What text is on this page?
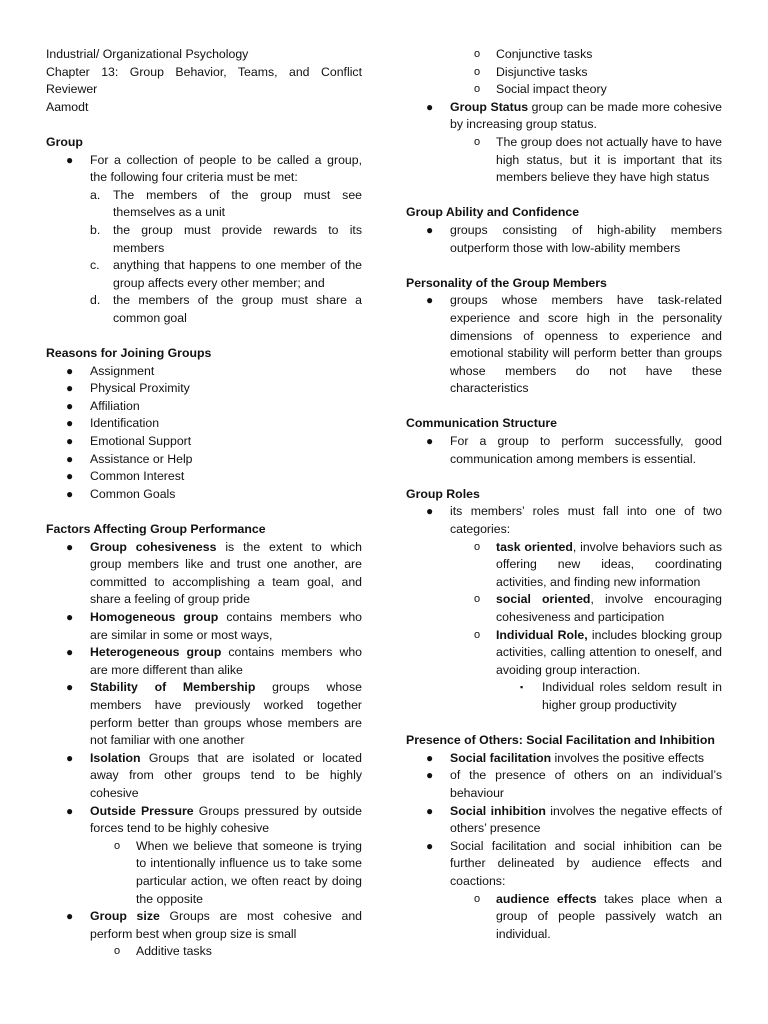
Industrial/ Organizational Psychology
Chapter 13: Group Behavior, Teams, and Conflict Reviewer
Aamodt
Group
● For a collection of people to be called a group, the following four criteria must be met:
a. The members of the group must see themselves as a unit
b. the group must provide rewards to its members
c. anything that happens to one member of the group affects every other member; and
d. the members of the group must share a common goal
Reasons for Joining Groups
● Assignment
● Physical Proximity
● Affiliation
● Identification
● Emotional Support
● Assistance or Help
● Common Interest
● Common Goals
Factors Affecting Group Performance
● Group cohesiveness is the extent to which group members like and trust one another, are committed to accomplishing a team goal, and share a feeling of group pride
● Homogeneous group contains members who are similar in some or most ways,
● Heterogeneous group contains members who are more different than alike
● Stability of Membership groups whose members have previously worked together perform better than groups whose members are not familiar with one another
● Isolation Groups that are isolated or located away from other groups tend to be highly cohesive
● Outside Pressure Groups pressured by outside forces tend to be highly cohesive
o When we believe that someone is trying to intentionally influence us to take some particular action, we often react by doing the opposite
● Group size Groups are most cohesive and perform best when group size is small
o Additive tasks
o Conjunctive tasks
o Disjunctive tasks
o Social impact theory
● Group Status group can be made more cohesive by increasing group status.
o The group does not actually have to have high status, but it is important that its members believe they have high status
Group Ability and Confidence
● groups consisting of high-ability members outperform those with low-ability members
Personality of the Group Members
● groups whose members have task-related experience and score high in the personality dimensions of openness to experience and emotional stability will perform better than groups whose members do not have these characteristics
Communication Structure
● For a group to perform successfully, good communication among members is essential.
Group Roles
● its members’ roles must fall into one of two categories:
o task oriented, involve behaviors such as offering new ideas, coordinating activities, and finding new information
o social oriented, involve encouraging cohesiveness and participation
o Individual Role, includes blocking group activities, calling attention to oneself, and avoiding group interaction.
▪ Individual roles seldom result in higher group productivity
Presence of Others: Social Facilitation and Inhibition
● Social facilitation involves the positive effects
● of the presence of others on an individual’s behaviour
● Social inhibition involves the negative effects of others’ presence
● Social facilitation and social inhibition can be further delineated by audience effects and coactions:
o audience effects takes place when a group of people passively watch an individual.
